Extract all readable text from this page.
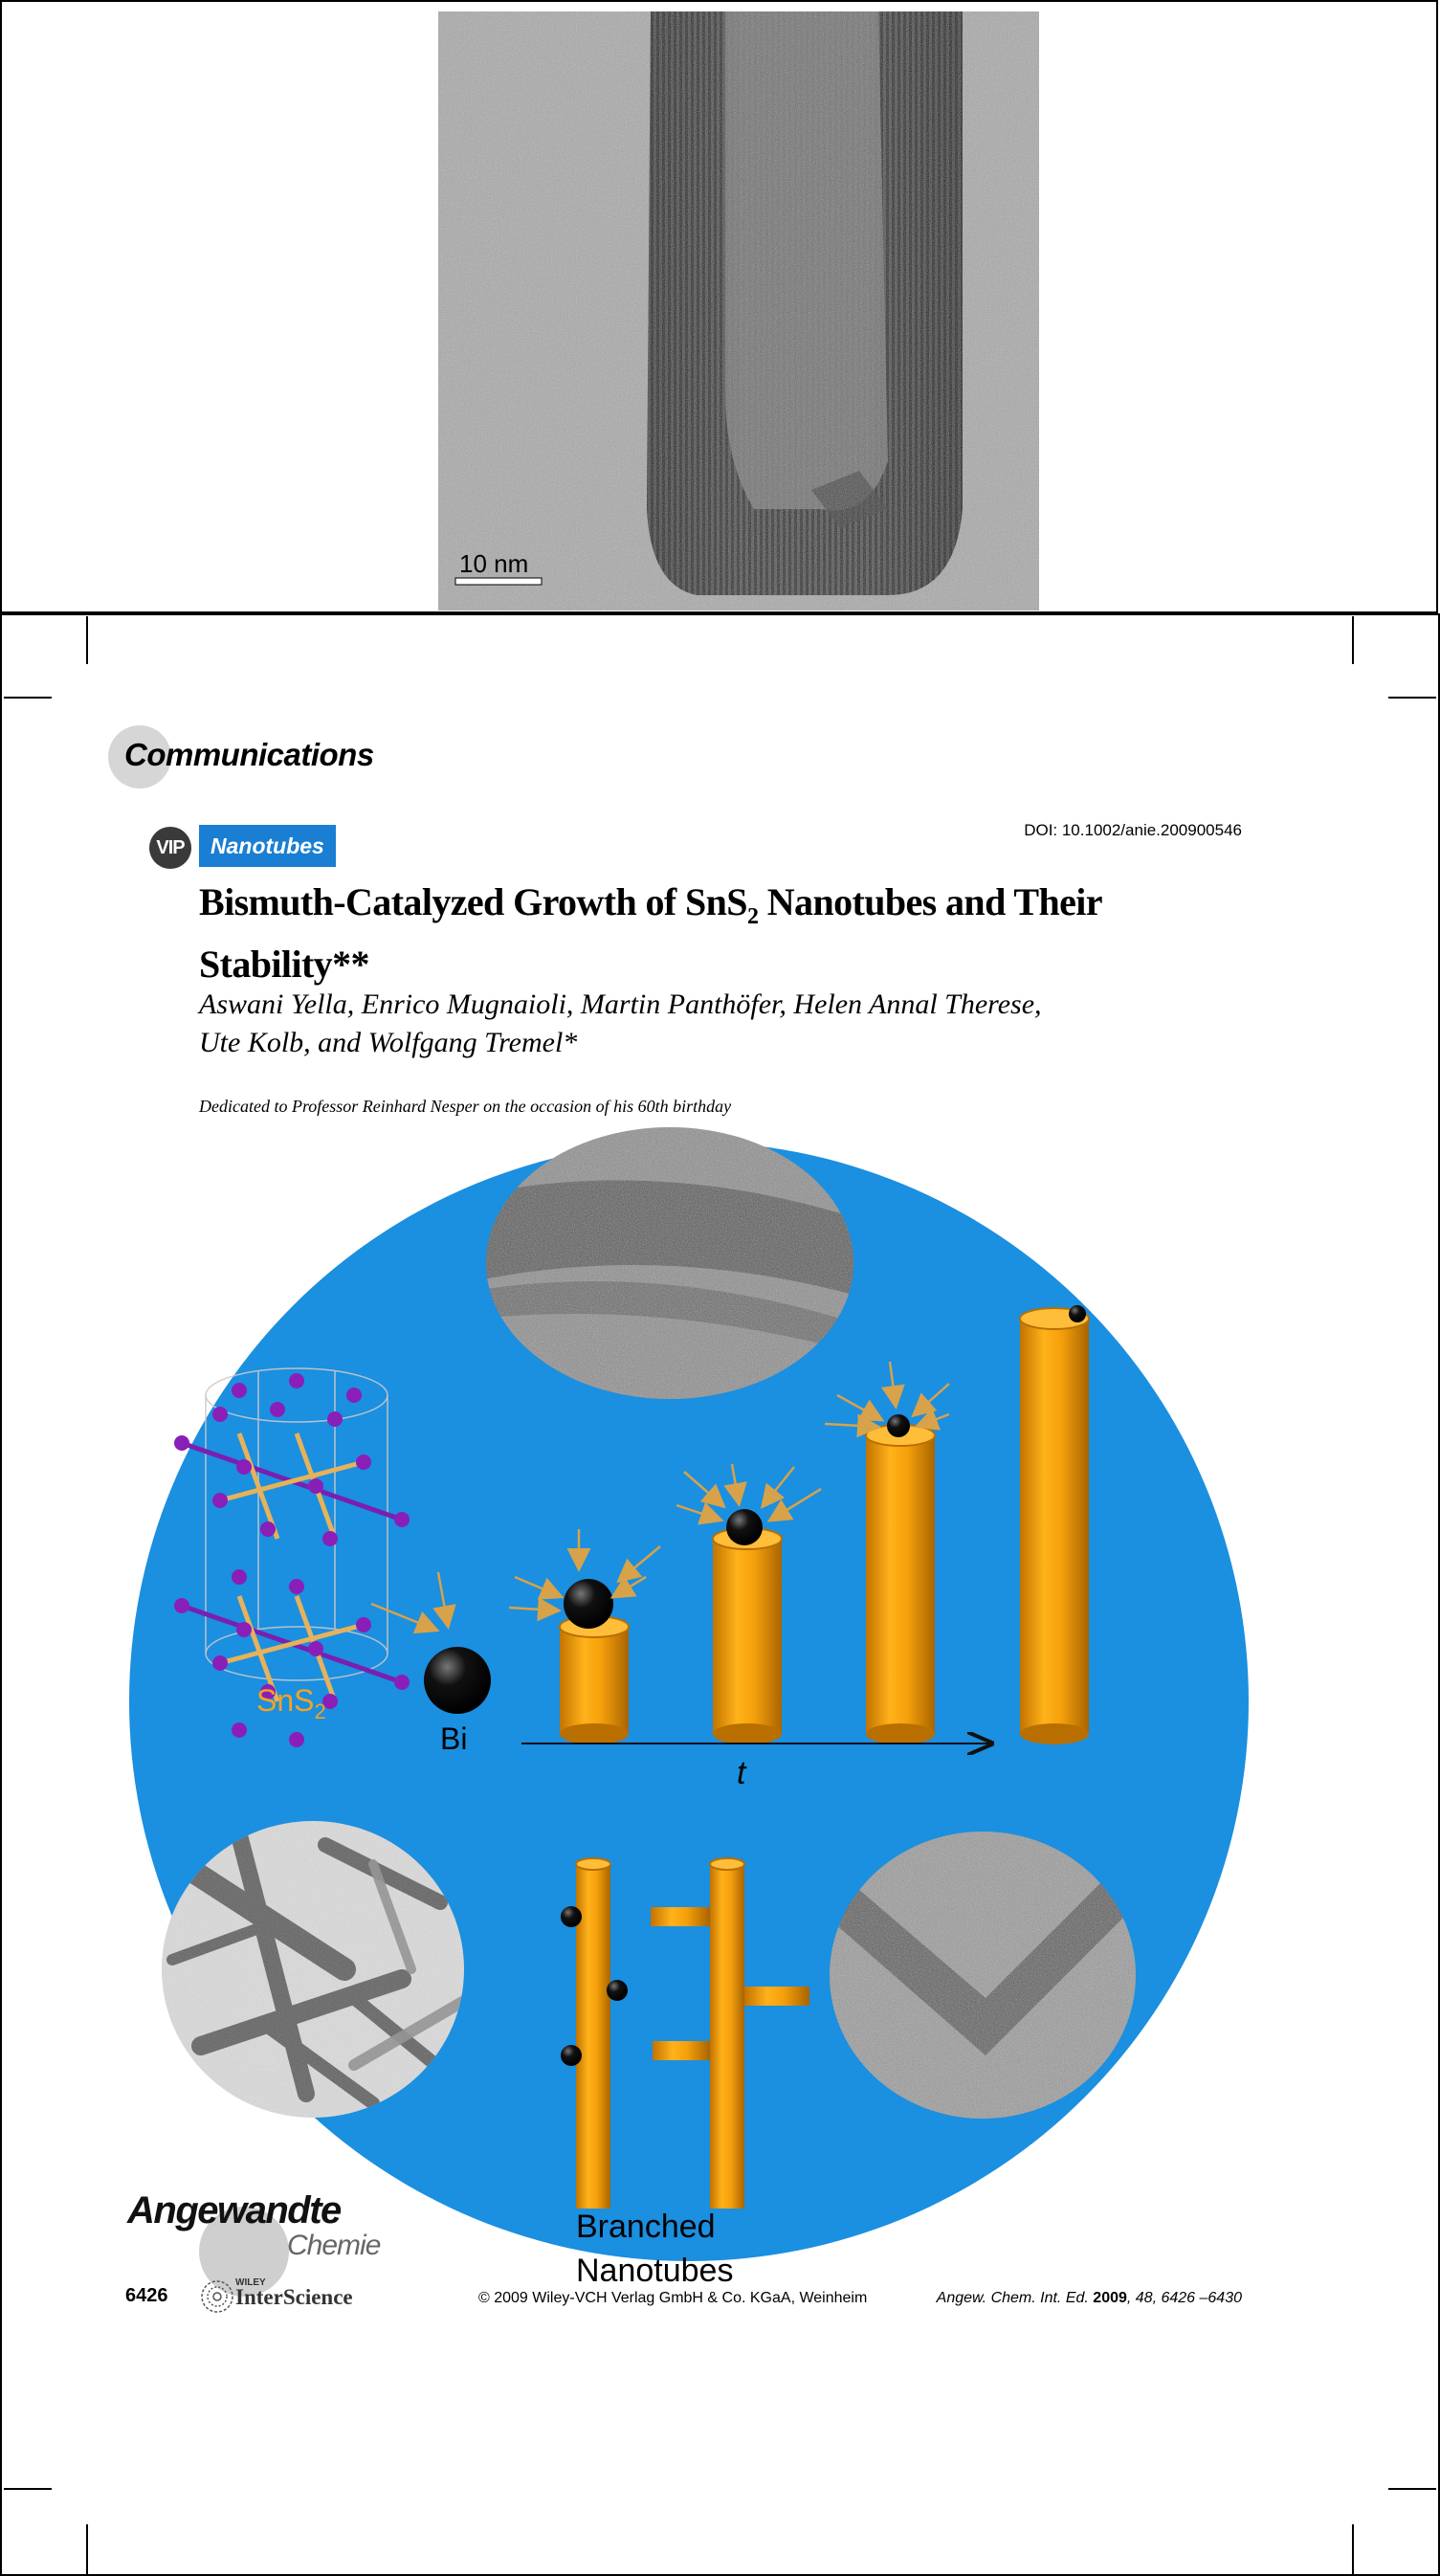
10 nm
Communications
VIP	Nanotubes
DOI: 10.1002/anie.200900546
Bismuth-Catalyzed Growth of SnS$_2$ Nanotubes and Their Stability**
Aswani Yella, Enrico Mugnaioli, Martin Panthöfer, Helen Annal Therese,
Ute Kolb, and Wolfgang Tremel*
Dedicated to Professor Reinhard Nesper on the occasion of his 60th birthday
SnS$_2$
Bi
t
Branched
Nanotubes
Angewandte
Chemie
6426
WILEY
InterScience	© 2009 Wiley-VCH Verlag GmbH & Co. KGaA, Weinheim	Angew. Chem. Int. Ed. 2009, 48, 6426 –6430
